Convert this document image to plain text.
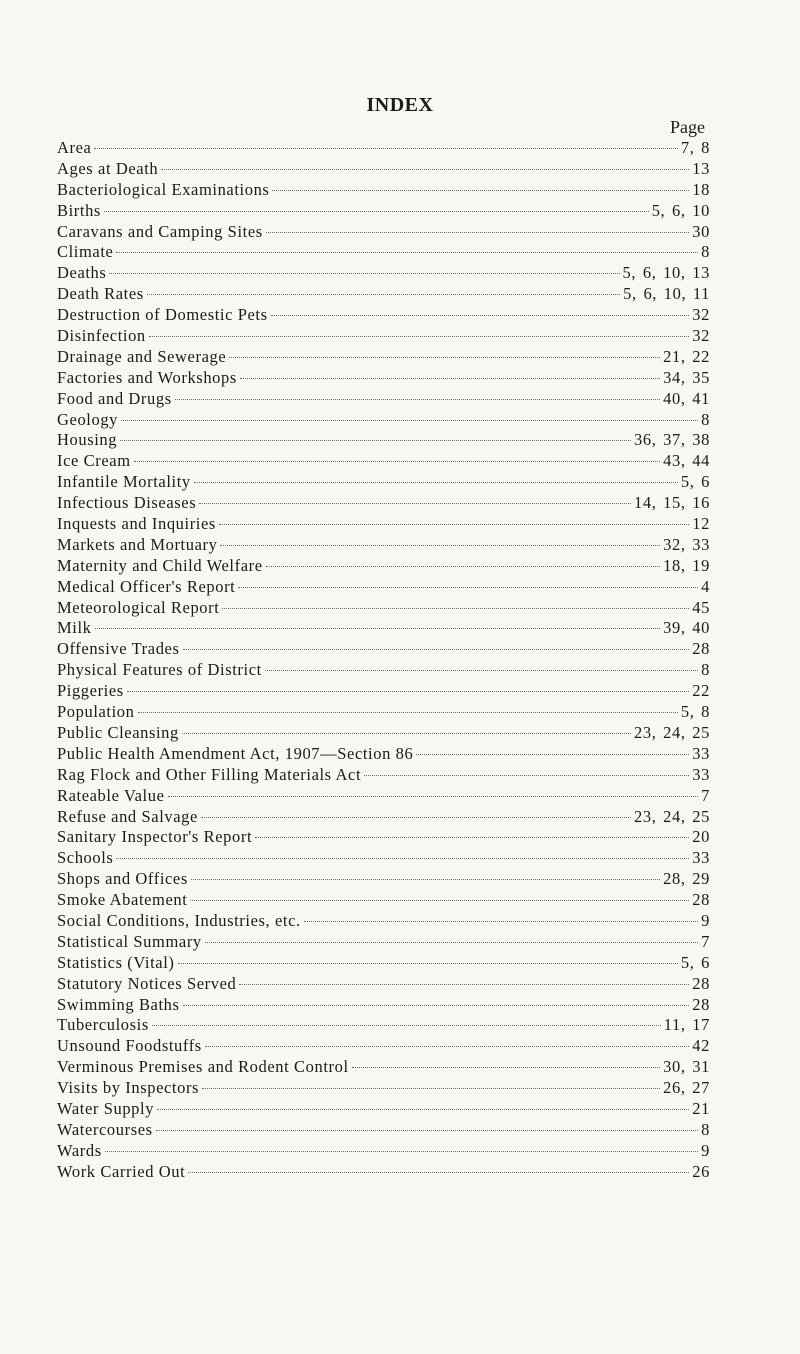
INDEX
Page
Area	7, 8
Ages at Death	13
Bacteriological Examinations	18
Births	5, 6, 10
Caravans and Camping Sites	30
Climate	8
Deaths	5, 6, 10, 13
Death Rates	5, 6, 10, 11
Destruction of Domestic Pets	32
Disinfection	32
Drainage and Sewerage	21, 22
Factories and Workshops	34, 35
Food and Drugs	40, 41
Geology	8
Housing	36, 37, 38
Ice Cream	43, 44
Infantile Mortality	5, 6
Infectious Diseases	14, 15, 16
Inquests and Inquiries	12
Markets and Mortuary	32, 33
Maternity and Child Welfare	18, 19
Medical Officer's Report	4
Meteorological Report	45
Milk	39, 40
Offensive Trades	28
Physical Features of District	8
Piggeries	22
Population	5, 8
Public Cleansing	23, 24, 25
Public Health Amendment Act, 1907—Section 86	33
Rag Flock and Other Filling Materials Act	33
Rateable Value	7
Refuse and Salvage	23, 24, 25
Sanitary Inspector's Report	20
Schools	33
Shops and Offices	28, 29
Smoke Abatement	28
Social Conditions, Industries, etc.	9
Statistical Summary	7
Statistics (Vital)	5, 6
Statutory Notices Served	28
Swimming Baths	28
Tuberculosis	11, 17
Unsound Foodstuffs	42
Verminous Premises and Rodent Control	30, 31
Visits by Inspectors	26, 27
Water Supply	21
Watercourses	8
Wards	9
Work Carried Out	26
